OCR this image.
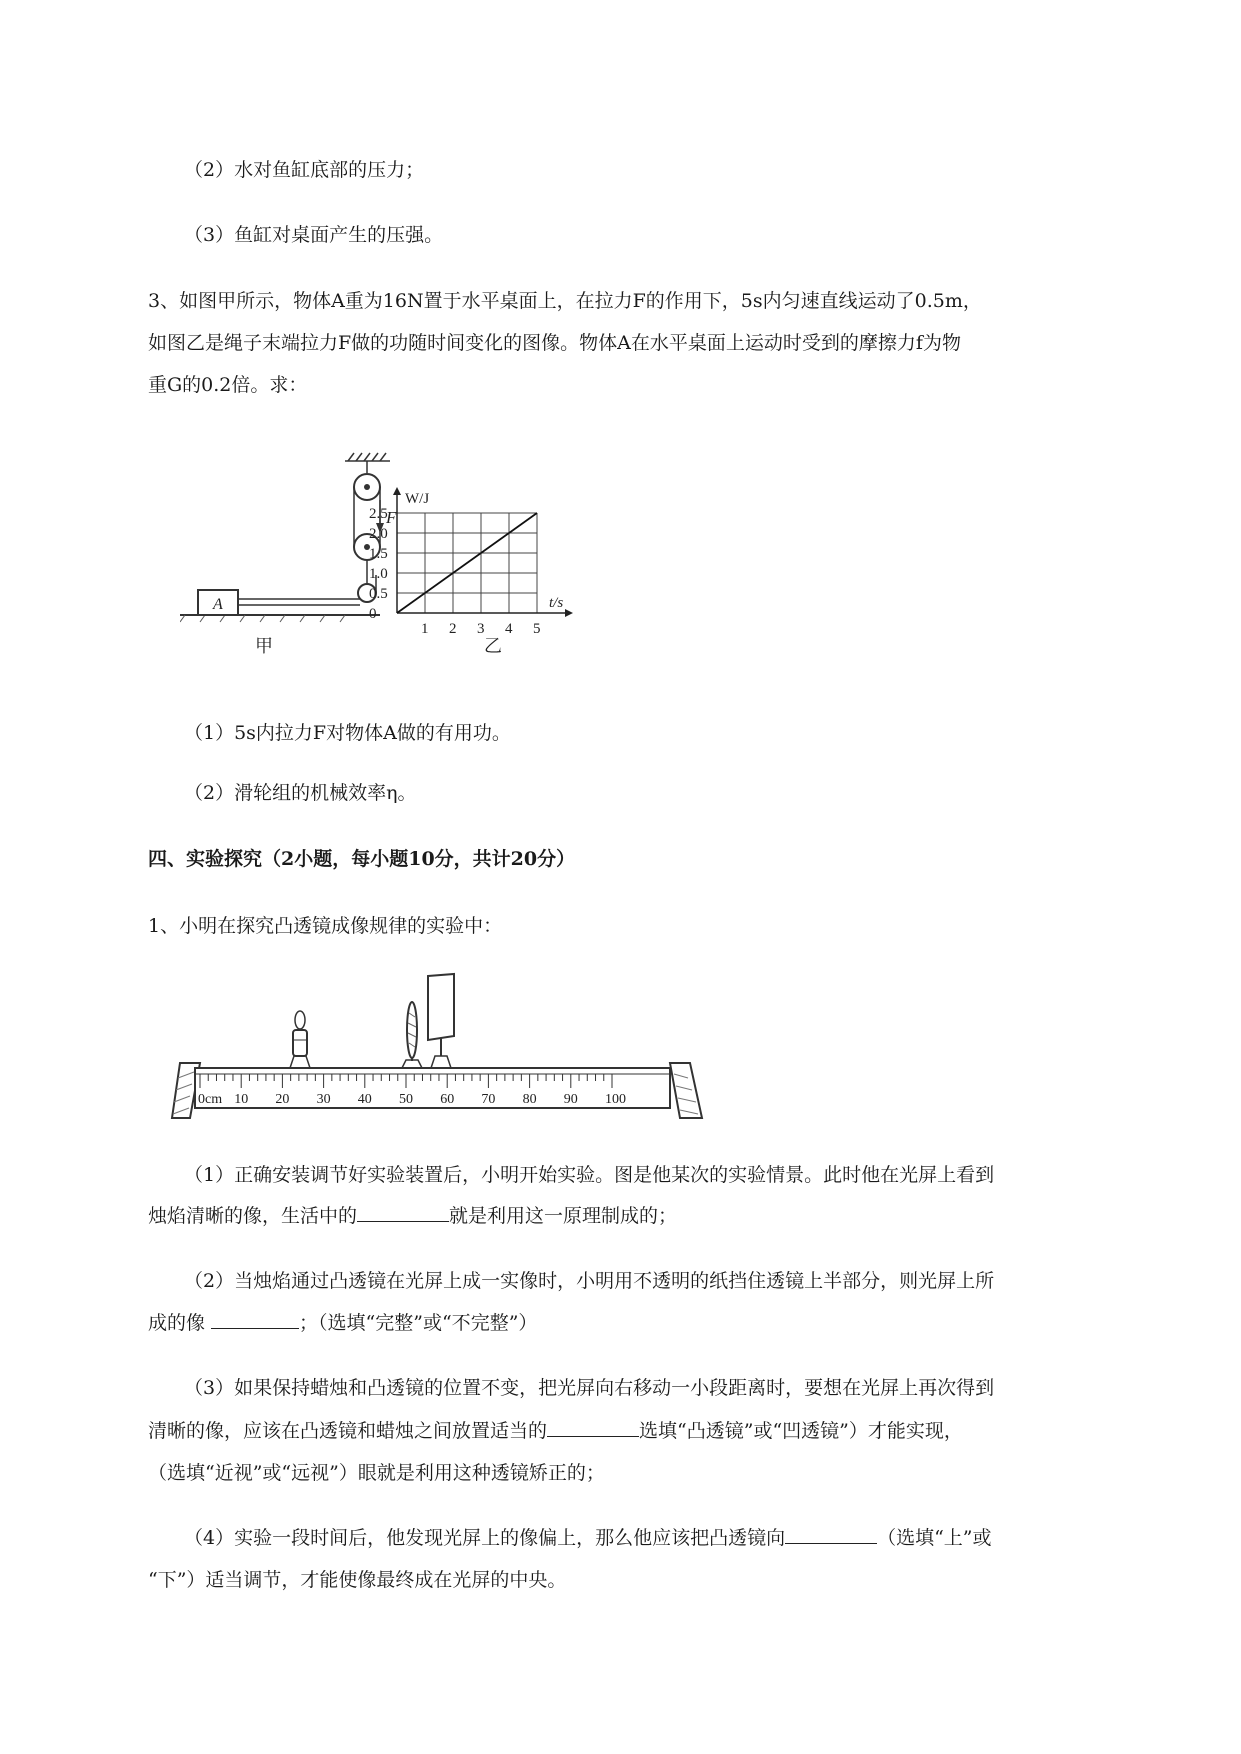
（2）水对鱼缸底部的压力；
（3）鱼缸对桌面产生的压强。
3、如图甲所示，物体A重为16N置于水平桌面上，在拉力F的作用下，5s内匀速直线运动了0.5m，
如图乙是绳子末端拉力F做的功随时间变化的图像。物体A在水平桌面上运动时受到的摩擦力f为物
重G的0.2倍。求：
F
A
甲
1 2 3 4 5
0
0.5
1.0
1.5
2.0
2.5
t/s
W/J
乙
（1）5s内拉力F对物体A做的有用功。
（2）滑轮组的机械效率η。
四、实验探究（2小题，每小题10分，共计20分）
1、小明在探究凸透镜成像规律的实验中：
0cm 10 20 30 40 50 60 70 80 90 100
（1）正确安装调节好实验装置后，小明开始实验。图是他某次的实验情景。此时他在光屏上看到
烛焰清晰的像，生活中的	就是利用这一原理制成的；
（2）当烛焰通过凸透镜在光屏上成一实像时，小明用不透明的纸挡住透镜上半部分，则光屏上所
成的像	；（选填“完整”或“不完整”）
（3）如果保持蜡烛和凸透镜的位置不变，把光屏向右移动一小段距离时，要想在光屏上再次得到
清晰的像，应该在凸透镜和蜡烛之间放置适当的	选填“凸透镜”或“凹透镜”）才能实现，
（选填“近视”或“远视”）眼就是利用这种透镜矫正的；
（4）实验一段时间后，他发现光屏上的像偏上，那么他应该把凸透镜向	（选填“上”或
“下”）适当调节，才能使像最终成在光屏的中央。
